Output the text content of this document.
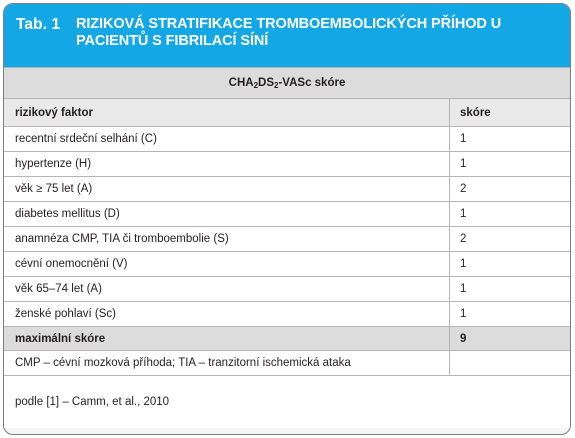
Tab. 1	RIZIKOVÁ STRATIFIKACE TROMBOEMBOLICKÝCH PŘÍHOD U PACIENTŮ S FIBRILACÍ SÍNÍ
$CHA_2DS_2$-VASc skóre
rizikový faktor	skóre
recentní srdeční selhání (C)	1
hypertenze (H)	1
věk ≥ 75 let (A)	2
diabetes mellitus (D)	1
anamnéza CMP, TIA či tromboembolie (S)	2
cévní onemocnění (V)	1
věk 65–74 let (A)	1
ženské pohlaví (Sc)	1
maximální skóre	9
CMP – cévní mozková příhoda; TIA – tranzitorní ischemická ataka
podle [1] – Camm, et al., 2010
